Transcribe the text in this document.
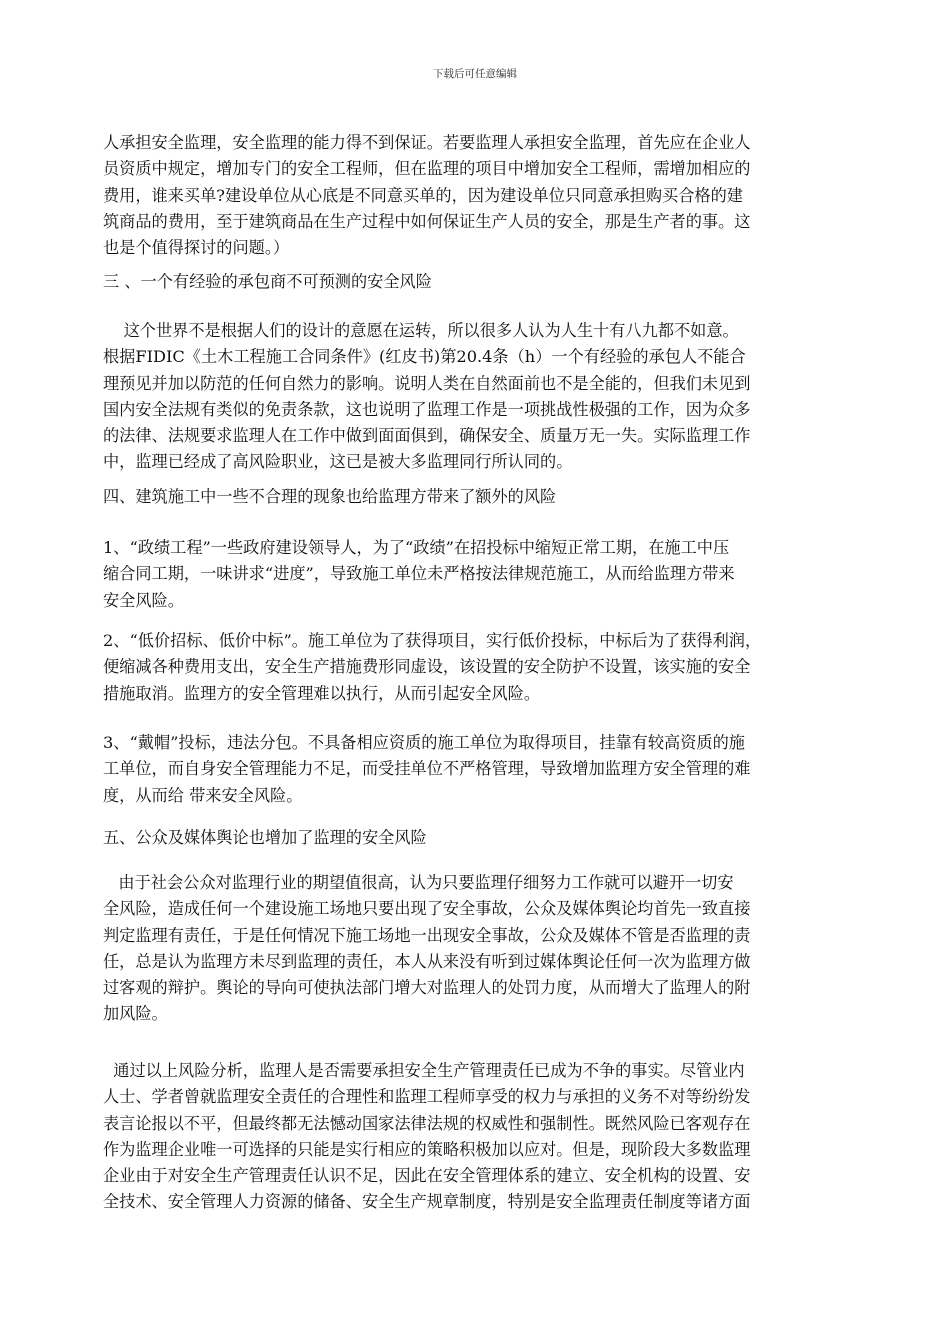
下载后可任意编辑
人承担安全监理，安全监理的能力得不到保证。若要监理人承担安全监理，首先应在企业人
员资质中规定，增加专门的安全工程师，但在监理的项目中增加安全工程师，需增加相应的
费用，谁来买单?建设单位从心底是不同意买单的，因为建设单位只同意承担购买合格的建
筑商品的费用，至于建筑商品在生产过程中如何保证生产人员的安全，那是生产者的事。这
也是个值得探讨的问题。）
三 、一个有经验的承包商不可预测的安全风险
这个世界不是根据人们的设计的意愿在运转，所以很多人认为人生十有八九都不如意。
根据FIDIC《土木工程施工合同条件》(红皮书)第20.4条（h）一个有经验的承包人不能合
理预见并加以防范的任何自然力的影响。说明人类在自然面前也不是全能的，但我们未见到
国内安全法规有类似的免责条款，这也说明了监理工作是一项挑战性极强的工作，因为众多
的法律、法规要求监理人在工作中做到面面俱到，确保安全、质量万无一失。实际监理工作
中，监理已经成了高风险职业，这已是被大多监理同行所认同的。
四、建筑施工中一些不合理的现象也给监理方带来了额外的风险
1、“政绩工程”一些政府建设领导人，为了“政绩”在招投标中缩短正常工期，在施工中压
缩合同工期，一味讲求“进度”，导致施工单位未严格按法律规范施工，从而给监理方带来
安全风险。
2、“低价招标、低价中标”。施工单位为了获得项目，实行低价投标，中标后为了获得利润，
便缩减各种费用支出，安全生产措施费形同虚设，该设置的安全防护不设置，该实施的安全
措施取消。监理方的安全管理难以执行，从而引起安全风险。
3、“戴帽”投标，违法分包。不具备相应资质的施工单位为取得项目，挂靠有较高资质的施
工单位，而自身安全管理能力不足，而受挂单位不严格管理，导致增加监理方安全管理的难
度，从而给 带来安全风险。
五、公众及媒体舆论也增加了监理的安全风险
由于社会公众对监理行业的期望值很高，认为只要监理仔细努力工作就可以避开一切安
全风险，造成任何一个建设施工场地只要出现了安全事故，公众及媒体舆论均首先一致直接
判定监理有责任，于是任何情况下施工场地一出现安全事故，公众及媒体不管是否监理的责
任，总是认为监理方未尽到监理的责任，本人从来没有听到过媒体舆论任何一次为监理方做
过客观的辩护。舆论的导向可使执法部门增大对监理人的处罚力度，从而增大了监理人的附
加风险。
通过以上风险分析，监理人是否需要承担安全生产管理责任已成为不争的事实。尽管业内
人士、学者曾就监理安全责任的合理性和监理工程师享受的权力与承担的义务不对等纷纷发
表言论报以不平，但最终都无法憾动国家法律法规的权威性和强制性。既然风险已客观存在
作为监理企业唯一可选择的只能是实行相应的策略积极加以应对。但是，现阶段大多数监理
企业由于对安全生产管理责任认识不足，因此在安全管理体系的建立、安全机构的设置、安
全技术、安全管理人力资源的储备、安全生产规章制度，特别是安全监理责任制度等诸方面
